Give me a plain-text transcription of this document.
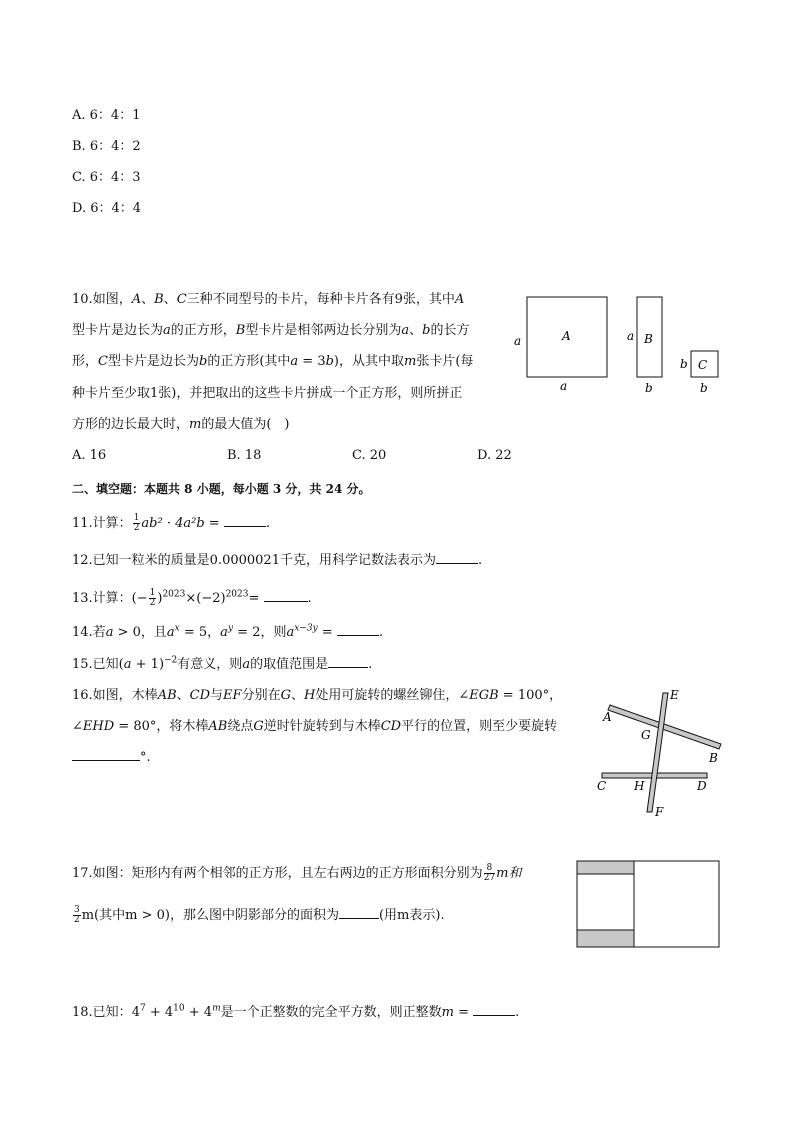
A. 6：4：1
B. 6：4：2
C. 6：4：3
D. 6：4：4
10.如图，A、B、C三种不同型号的卡片，每种卡片各有9张，其中A
型卡片是边长为a的正方形，B型卡片是相邻两边长分别为a、b的长方
形，C型卡片是边长为b的正方形(其中a = 3b)，从其中取m张卡片(每
种卡片至少取1张)，并把取出的这些卡片拼成一个正方形，则所拼正
方形的边长最大时，m的最大值为(　)
A. 16	B. 18	C. 20	D. 22
A
a
a
B
a
b
C
b
b
二、填空题：本题共 8 小题，每小题 3 分，共 24 分。
11.计算： $\frac{1}{2} ab^2 \cdot 4a^2b$ =	.
12.已知一粒米的质量是0.0000021千克，用科学记数法表示为	.
13.计算：(− $\frac{1}{2} )^{2023}\times(-2)^{2023}=$	.
14.若a > 0，且$a^x = 5$，$a^y = 2$，则$a^{x-3y}$ =	.
15.已知$(a + 1)^{-2}$有意义，则a的取值范围是	.
16.如图，木棒AB、CD与EF分别在G、H处用可旋转的螺丝铆住，∠EGB = 100°，
∠EHD = 80°，将木棒AB绕点G逆时针旋转到与木棒CD平行的位置，则至少要旋转
°.
A
B
C	D
E
F
G
H
17.如图：矩形内有两个相邻的正方形，且左右两边的正方形面积分别为 $\frac{8}{27}$ m和
$\frac{3}{2} m$(其中m > 0)，那么图中阴影部分的面积为	(用m表示).
18.已知：$4^7 + 4^{10} + 4^m$是一个正整数的完全平方数，则正整数m =	.
